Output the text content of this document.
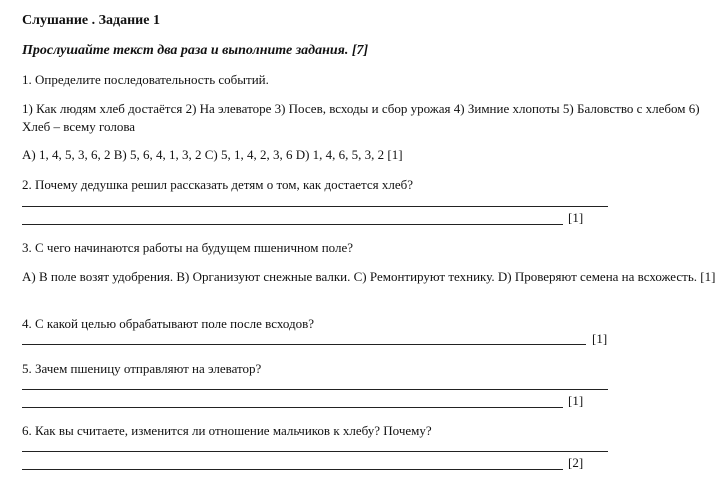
Слушание . Задание 1
Прослушайте текст два раза и выполните задания. [7]
1. Определите последовательность событий.
1) Как людям хлеб достаётся 2) На элеваторе 3) Посев, всходы и сбор урожая 4) Зимние хлопоты 5) Баловство с хлебом 6) Хлеб – всему голова
A) 1, 4, 5, 3, 6, 2 B) 5, 6, 4, 1, 3, 2 C) 5, 1, 4, 2, 3, 6 D) 1, 4, 6, 5, 3, 2 [1]
2. Почему дедушка решил рассказать детям о том, как достается хлеб?
[1]
3. С чего начинаются работы на будущем пшеничном поле?
A) В поле возят удобрения. B) Организуют снежные валки. C) Ремонтируют технику. D) Проверяют семена на всхожесть. [1]
4. С какой целью обрабатывают поле после всходов?
[1]
5. Зачем пшеницу отправляют на элеватор?
[1]
6. Как вы считаете, изменится ли отношение мальчиков к хлебу? Почему?
[2]
